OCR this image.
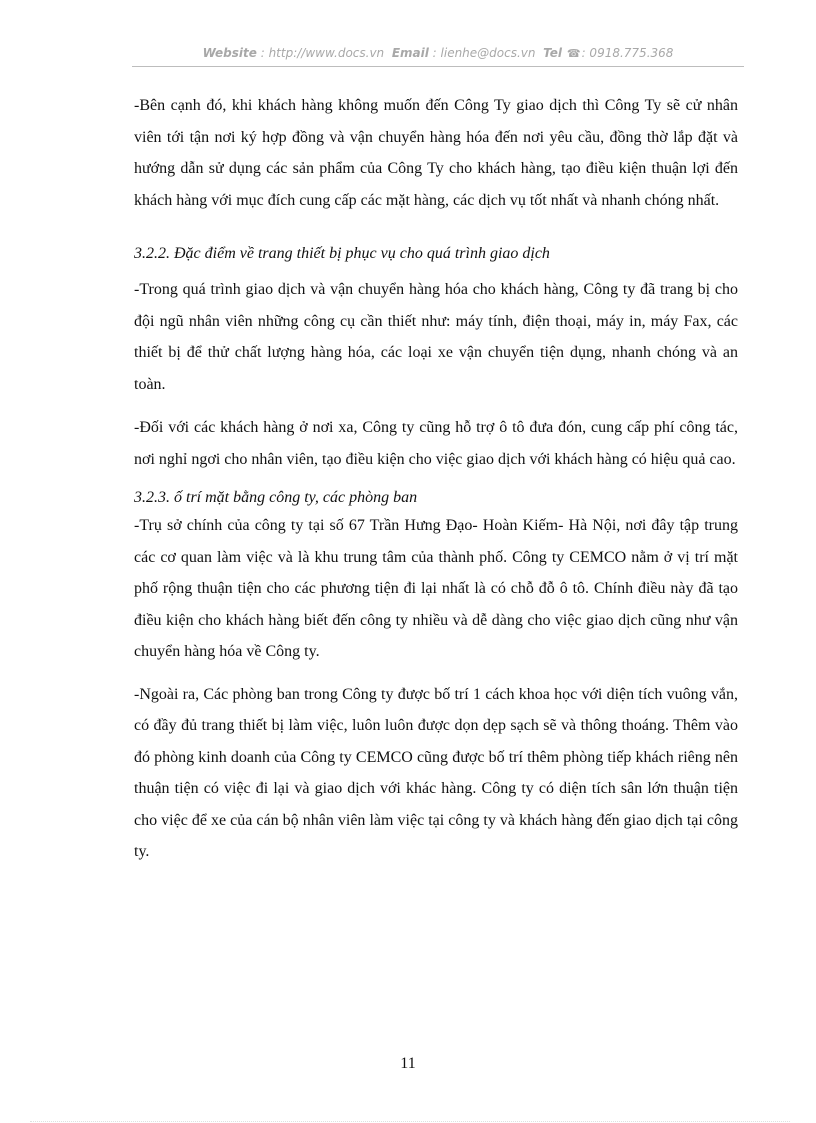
Website : http://www.docs.vn Email : lienhe@docs.vn Tel ☎: 0918.775.368

-Bên cạnh đó, khi khách hàng không muốn đến Công Ty giao dịch thì Công Ty sẽ cử nhân viên tới tận nơi ký hợp đồng và vận chuyển hàng hóa đến nơi yêu cầu, đồng thờ lắp đặt và hướng dẫn sử dụng các sản phẩm của Công Ty cho khách hàng, tạo điều kiện thuận lợi đến khách hàng với mục đích cung cấp các mặt hàng, các dịch vụ tốt nhất và nhanh chóng nhất.

3.2.2. Đặc điểm về trang thiết bị phục vụ cho quá trình giao dịch

-Trong quá trình giao dịch và vận chuyển hàng hóa cho khách hàng, Công ty đã trang bị cho đội ngũ nhân viên những công cụ cần thiết như: máy tính, điện thoại, máy in, máy Fax, các thiết bị để thử chất lượng hàng hóa, các loại xe vận chuyển tiện dụng, nhanh chóng và an toàn.

-Đối với các khách hàng ở nơi xa, Công ty cũng hỗ trợ ô tô đưa đón, cung cấp phí công tác, nơi nghỉ ngơi cho nhân viên, tạo điều kiện cho việc giao dịch với khách hàng có hiệu quả cao.

3.2.3. ố trí mặt bằng công ty, các phòng ban

-Trụ sở chính của công ty tại số 67 Trần Hưng Đạo- Hoàn Kiếm- Hà Nội, nơi đây tập trung các cơ quan làm việc và là khu trung tâm của thành phố. Công ty CEMCO nằm ở vị trí mặt phố rộng thuận tiện cho các phương tiện đi lại nhất là có chỗ đỗ ô tô. Chính điều này đã tạo điều kiện cho khách hàng biết đến công ty nhiều và dễ dàng cho việc giao dịch cũng như vận chuyển hàng hóa về Công ty.

-Ngoài ra, Các phòng ban trong Công ty được bố trí 1 cách khoa học với diện tích vuông vắn, có đầy đủ trang thiết bị làm việc, luôn luôn được dọn dẹp sạch sẽ và thông thoáng. Thêm vào đó phòng kinh doanh của Công ty CEMCO cũng được bố trí thêm phòng tiếp khách riêng nên thuận tiện có việc đi lại và giao dịch với khác hàng. Công ty có diện tích sân lớn thuận tiện cho việc để xe của cán bộ nhân viên làm việc tại công ty và khách hàng đến giao dịch tại công ty.

11
